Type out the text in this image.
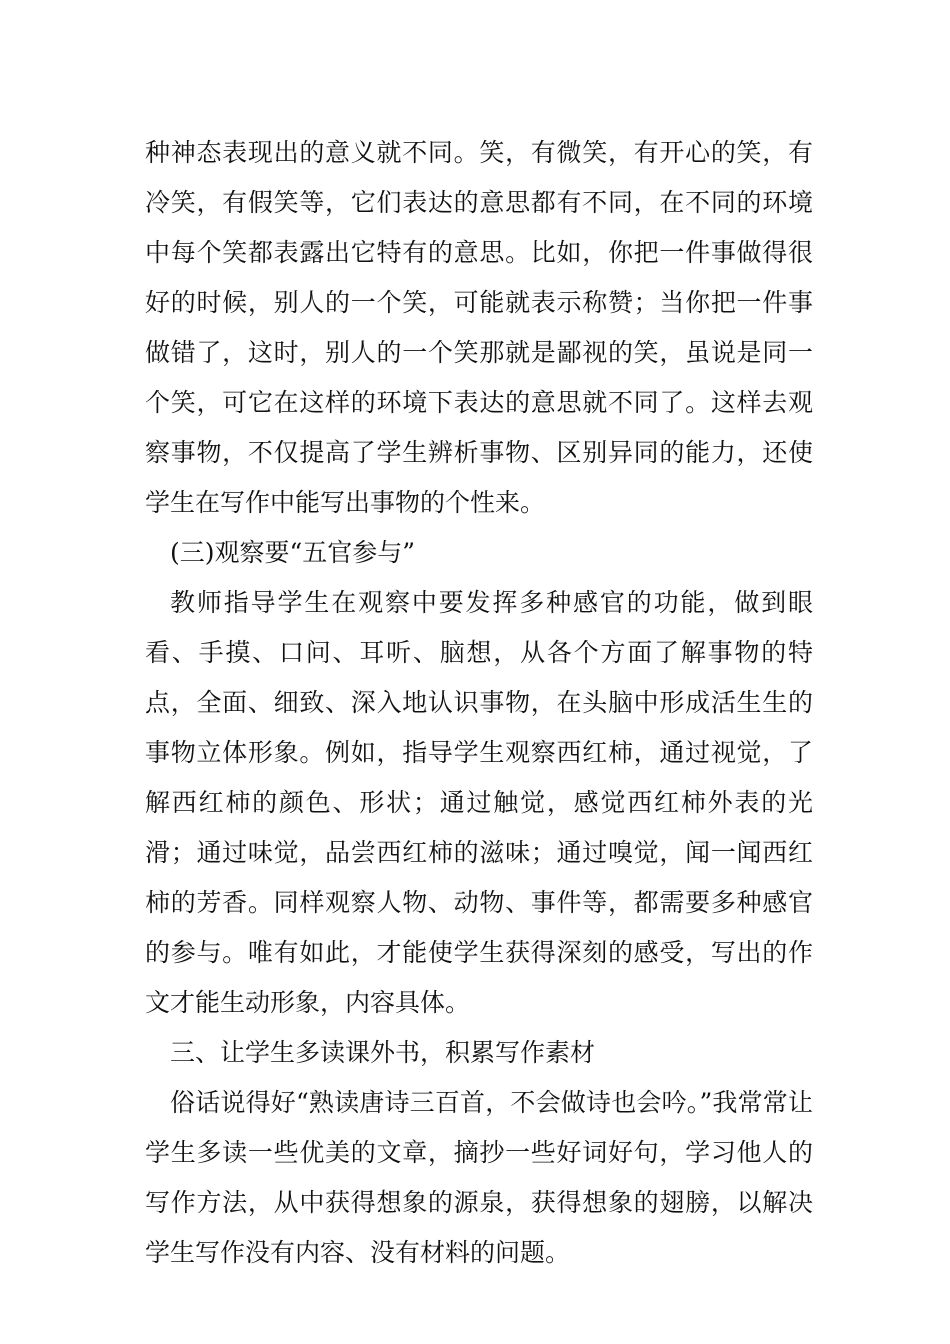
种神态表现出的意义就不同。笑，有微笑，有开心的笑，有冷笑，有假笑等，它们表达的意思都有不同，在不同的环境中每个笑都表露出它特有的意思。比如，你把一件事做得很好的时候，别人的一个笑，可能就表示称赞；当你把一件事做错了，这时，别人的一个笑那就是鄙视的笑，虽说是同一个笑，可它在这样的环境下表达的意思就不同了。这样去观察事物，不仅提高了学生辨析事物、区别异同的能力，还使学生在写作中能写出事物的个性来。

(三)观察要“五官参与”

教师指导学生在观察中要发挥多种感官的功能，做到眼看、手摸、口问、耳听、脑想，从各个方面了解事物的特点，全面、细致、深入地认识事物，在头脑中形成活生生的事物立体形象。例如，指导学生观察西红柿，通过视觉，了解西红柿的颜色、形状；通过触觉，感觉西红柿外表的光滑；通过味觉，品尝西红柿的滋味；通过嗅觉，闻一闻西红柿的芳香。同样观察人物、动物、事件等，都需要多种感官的参与。唯有如此，才能使学生获得深刻的感受，写出的作文才能生动形象，内容具体。

三、让学生多读课外书，积累写作素材

俗话说得好“熟读唐诗三百首，不会做诗也会吟。”我常常让学生多读一些优美的文章，摘抄一些好词好句，学习他人的写作方法，从中获得想象的源泉，获得想象的翅膀，以解决学生写作没有内容、没有材料的问题。
